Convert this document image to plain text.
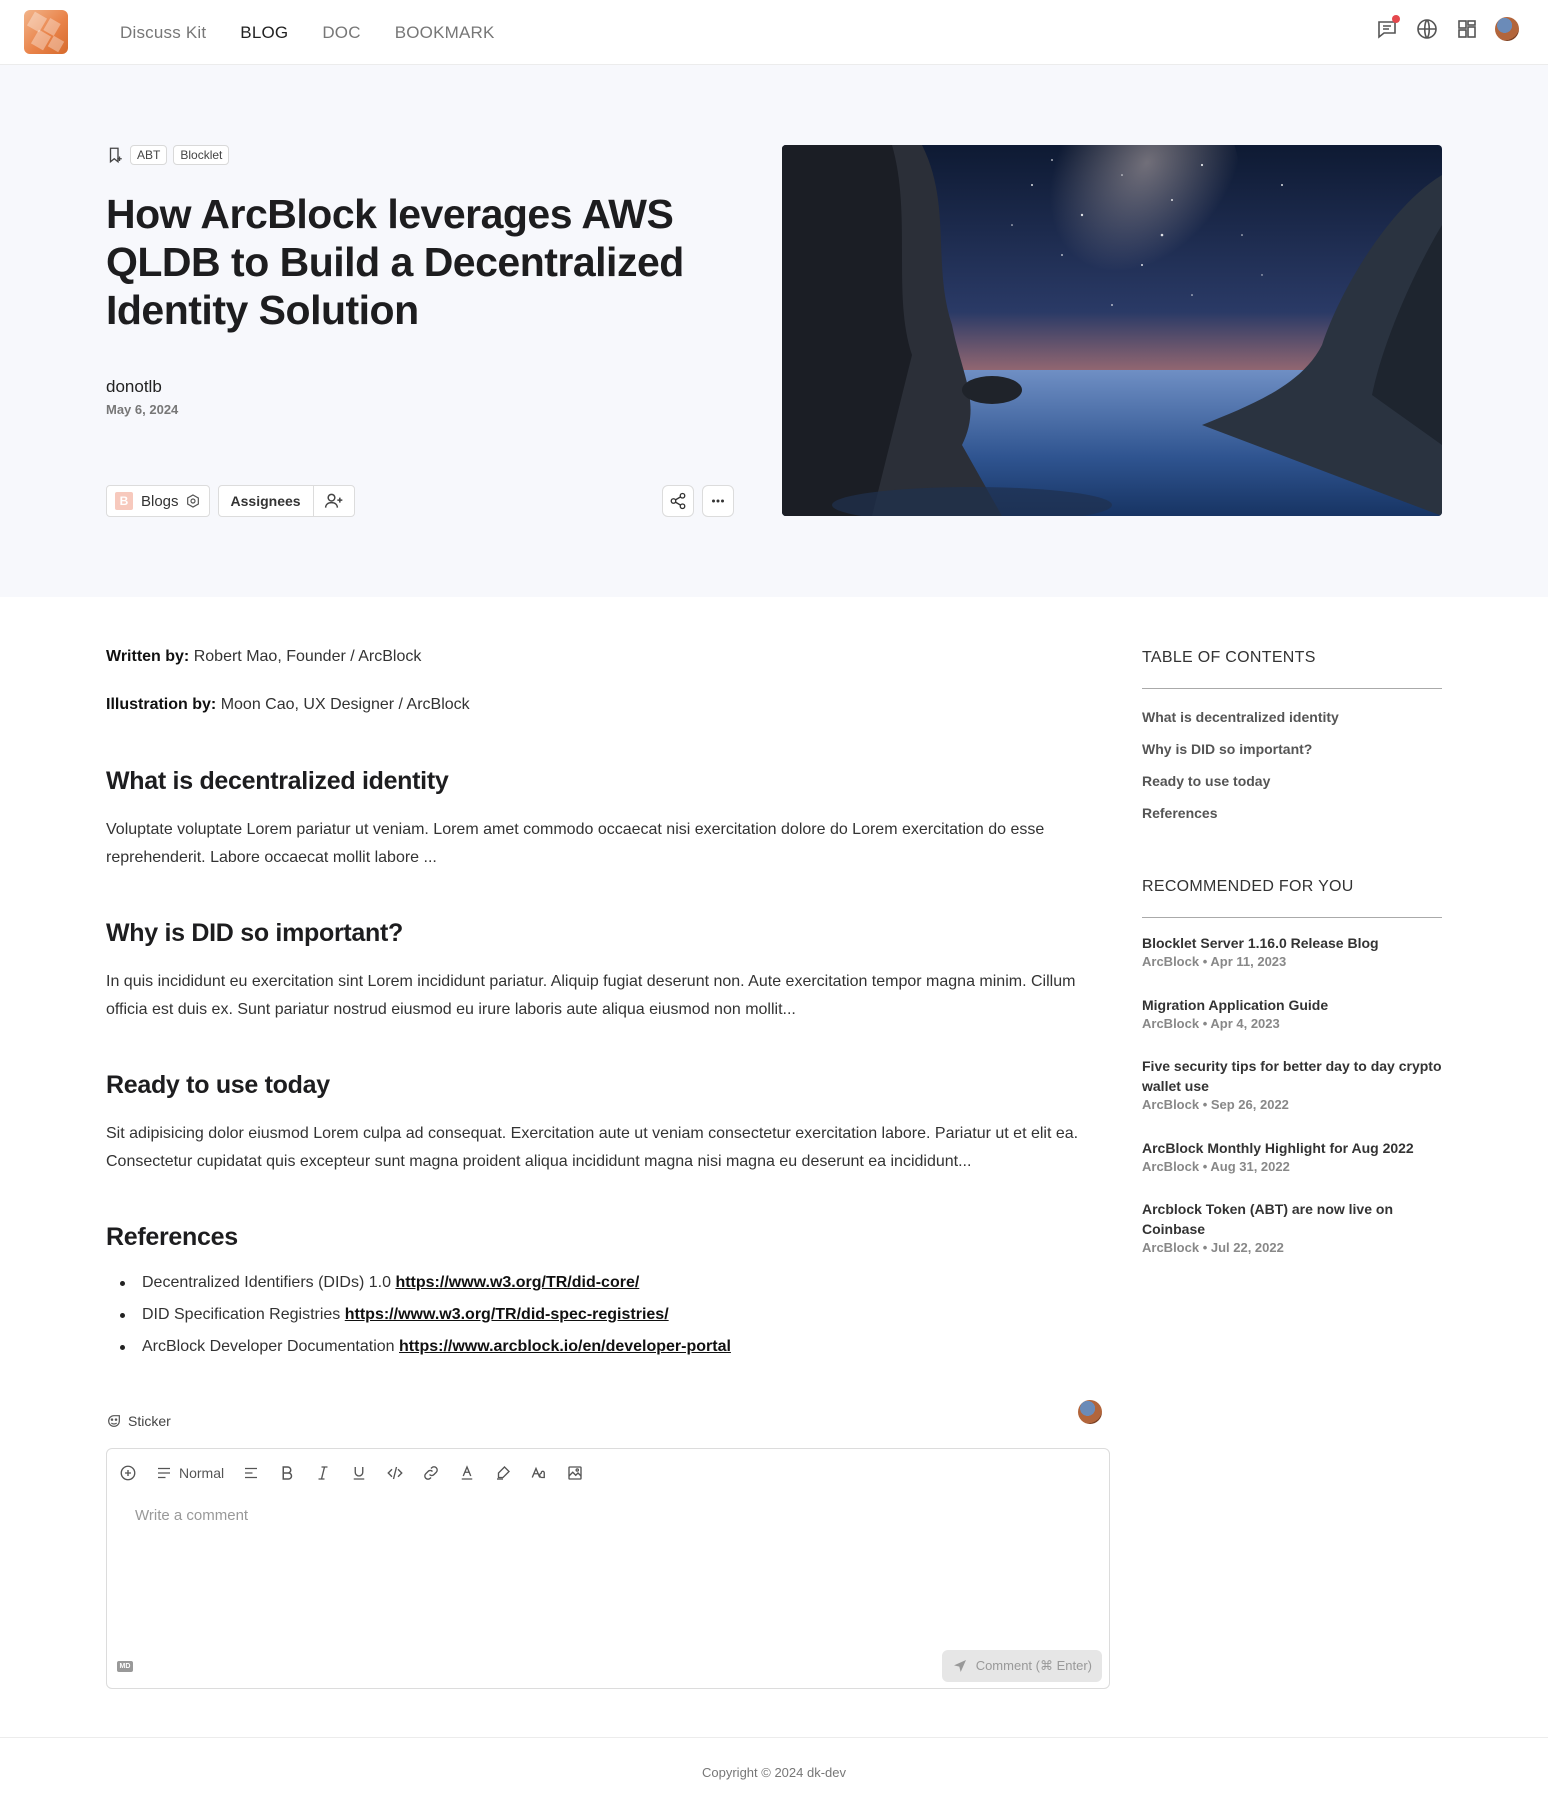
Discuss Kit BLOG DOC BOOKMARK
ABT	Blocklet
How ArcBlock leverages AWS QLDB to Build a Decentralized Identity Solution
donotlb
May 6, 2024
B Blogs	Assignees
Written by: Robert Mao, Founder / ArcBlock
Illustration by: Moon Cao, UX Designer / ArcBlock
What is decentralized identity

Voluptate voluptate Lorem pariatur ut veniam. Lorem amet commodo occaecat nisi exercitation dolore do Lorem exercitation do esse reprehenderit. Labore occaecat mollit labore ...

Why is DID so important?

In quis incididunt eu exercitation sint Lorem incididunt pariatur. Aliquip fugiat deserunt non. Aute exercitation tempor magna minim. Cillum officia est duis ex. Sunt pariatur nostrud eiusmod eu irure laboris aute aliqua eiusmod non mollit...

Ready to use today

Sit adipisicing dolor eiusmod Lorem culpa ad consequat. Exercitation aute ut veniam consectetur exercitation labore. Pariatur ut et elit ea. Consectetur cupidatat quis excepteur sunt magna proident aliqua incididunt magna nisi magna eu deserunt ea incididunt...

References
Decentralized Identifiers (DIDs) 1.0 https://www.w3.org/TR/did-core/
DID Specification Registries https://www.w3.org/TR/did-spec-registries/
ArcBlock Developer Documentation https://www.arcblock.io/en/developer-portal
Sticker
Normal
Write a comment
MD	Comment (⌘ Enter)
TABLE OF CONTENTS
What is decentralized identity
Why is DID so important?
Ready to use today
References
RECOMMENDED FOR YOU
Blocklet Server 1.16.0 Release Blog
ArcBlock • Apr 11, 2023
Migration Application Guide
ArcBlock • Apr 4, 2023
Five security tips for better day to day crypto wallet use
ArcBlock • Sep 26, 2022
ArcBlock Monthly Highlight for Aug 2022
ArcBlock • Aug 31, 2022
Arcblock Token (ABT) are now live on Coinbase
ArcBlock • Jul 22, 2022
Copyright © 2024 dk-dev
